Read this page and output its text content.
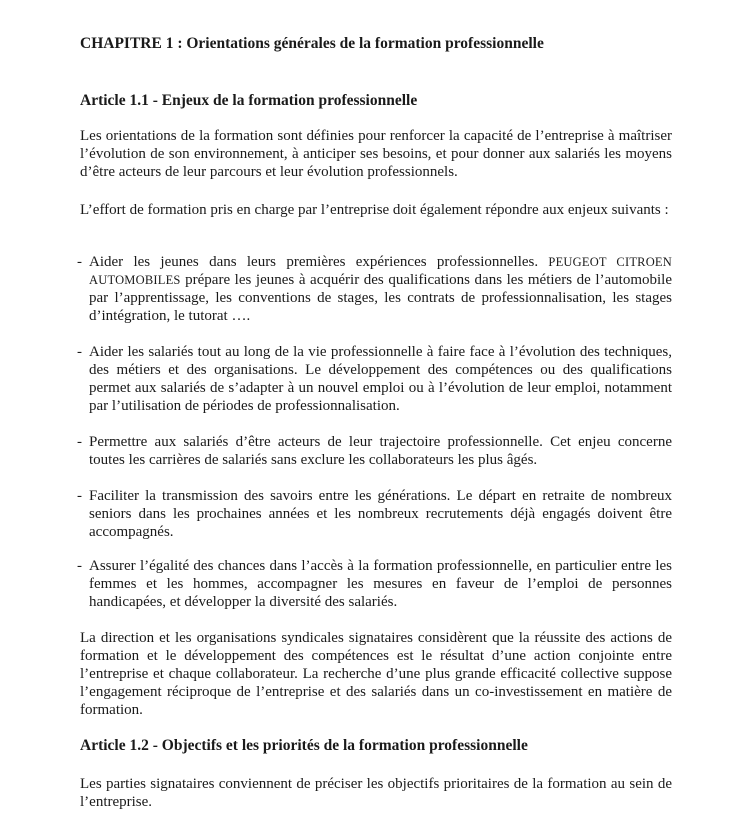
CHAPITRE 1 : Orientations générales de la formation professionnelle
Article 1.1 - Enjeux de la formation professionnelle

Les orientations de la formation sont définies pour renforcer la capacité de l’entreprise à maîtriser l’évolution de son environnement, à anticiper ses besoins, et pour donner aux salariés les moyens d’être acteurs de leur parcours et leur évolution professionnels.

L’effort de formation pris en charge par l’entreprise doit également répondre aux enjeux suivants :

- Aider les jeunes dans leurs premières expériences professionnelles. PEUGEOT CITROEN AUTOMOBILES prépare les jeunes à acquérir des qualifications dans les métiers de l’automobile par l’apprentissage, les conventions de stages, les contrats de professionnalisation, les stages d’intégration, le tutorat ….
- Aider les salariés tout au long de la vie professionnelle à faire face à l’évolution des techniques, des métiers et des organisations. Le développement des compétences ou des qualifications permet aux salariés de s’adapter à un nouvel emploi ou à l’évolution de leur emploi, notamment par l’utilisation de périodes de professionnalisation.
- Permettre aux salariés d’être acteurs de leur trajectoire professionnelle. Cet enjeu concerne toutes les carrières de salariés sans exclure les collaborateurs les plus âgés.
- Faciliter la transmission des savoirs entre les générations. Le départ en retraite de nombreux seniors dans les prochaines années et les nombreux recrutements déjà engagés doivent être accompagnés.
- Assurer l’égalité des chances dans l’accès à la formation professionnelle, en particulier entre les femmes et les hommes, accompagner les mesures en faveur de l’emploi de personnes handicapées, et développer la diversité des salariés.

La direction et les organisations syndicales signataires considèrent que la réussite des actions de formation et le développement des compétences est le résultat d’une action conjointe entre l’entreprise et chaque collaborateur. La recherche d’une plus grande efficacité collective suppose l’engagement réciproque de l’entreprise et des salariés dans un co-investissement en matière de formation.

Article 1.2 - Objectifs et les priorités de la formation professionnelle

Les parties signataires conviennent de préciser les objectifs prioritaires de la formation au sein de l’entreprise.
